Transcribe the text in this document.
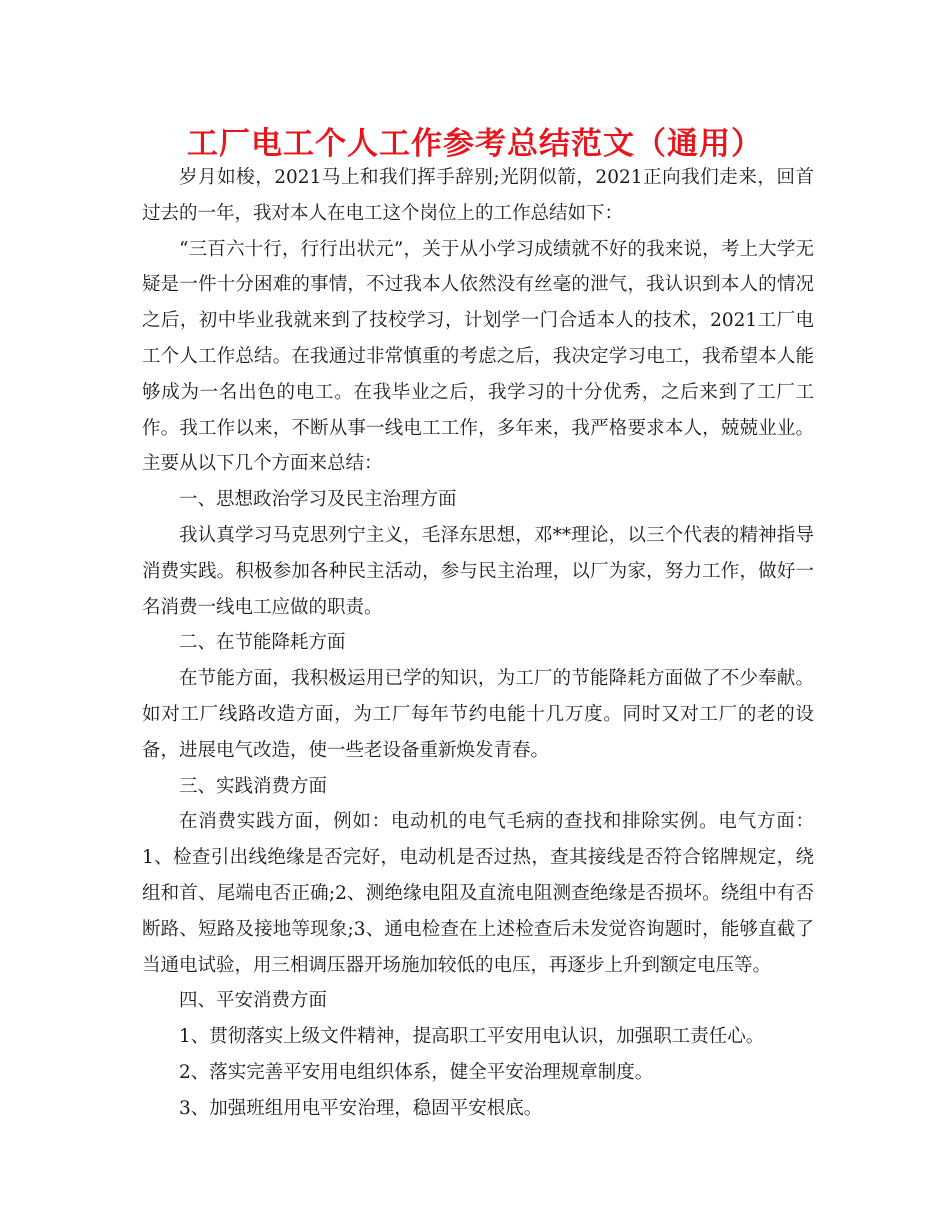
工厂电工个人工作参考总结范文（通用）

岁月如梭，2021马上和我们挥手辞别;光阴似箭，2021正向我们走来，回首过去的一年，我对本人在电工这个岗位上的工作总结如下：

“三百六十行，行行出状元”，关于从小学习成绩就不好的我来说，考上大学无疑是一件十分困难的事情，不过我本人依然没有丝毫的泄气，我认识到本人的情况之后，初中毕业我就来到了技校学习，计划学一门合适本人的技术，2021工厂电工个人工作总结。在我通过非常慎重的考虑之后，我决定学习电工，我希望本人能够成为一名出色的电工。在我毕业之后，我学习的十分优秀，之后来到了工厂工作。我工作以来，不断从事一线电工工作，多年来，我严格要求本人，兢兢业业。主要从以下几个方面来总结：

一、思想政治学习及民主治理方面

我认真学习马克思列宁主义，毛泽东思想，邓**理论，以三个代表的精神指导消费实践。积极参加各种民主活动，参与民主治理，以厂为家，努力工作，做好一名消费一线电工应做的职责。

二、在节能降耗方面

在节能方面，我积极运用已学的知识，为工厂的节能降耗方面做了不少奉献。如对工厂线路改造方面，为工厂每年节约电能十几万度。同时又对工厂的老的设备，进展电气改造，使一些老设备重新焕发青春。

三、实践消费方面

在消费实践方面，例如：电动机的电气毛病的查找和排除实例。电气方面：1、检查引出线绝缘是否完好，电动机是否过热，查其接线是否符合铭牌规定，绕组和首、尾端电否正确;2、测绝缘电阻及直流电阻测查绝缘是否损坏。绕组中有否断路、短路及接地等现象;3、通电检查在上述检查后未发觉咨询题时，能够直截了当通电试验，用三相调压器开场施加较低的电压，再逐步上升到额定电压等。

四、平安消费方面

1、贯彻落实上级文件精神，提高职工平安用电认识，加强职工责任心。

2、落实完善平安用电组织体系，健全平安治理规章制度。

3、加强班组用电平安治理，稳固平安根底。
